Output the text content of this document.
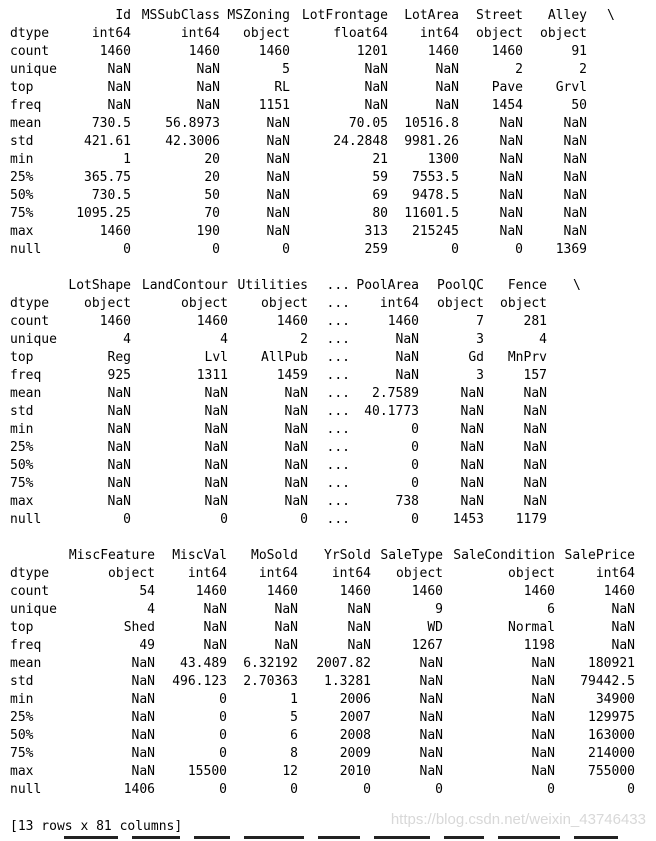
Id MSSubClass MSZoning LotFrontage	LotArea	Street	Alley \
dtype	int64	int64	object	float64	int64	object	object
count	1460	1460	1460	1201	1460	1460	91
unique	NaN	NaN	5	NaN	NaN	2	2
top	NaN	NaN	RL	NaN	NaN	Pave	Grvl
freq	NaN	NaN	1151	NaN	NaN	1454	50
mean	730.5	56.8973	NaN	70.05	10516.8	NaN	NaN
std	421.61	42.3006	NaN	24.2848	9981.26	NaN	NaN
min	1	20	NaN	21	1300	NaN	NaN
25%	365.75	20	NaN	59	7553.5	NaN	NaN
50%	730.5	50	NaN	69	9478.5	NaN	NaN
75%	1095.25	70	NaN	80	11601.5	NaN	NaN
max	1460	190	NaN	313	215245	NaN	NaN
null	0	0	0	259	0	0	1369
LotShape LandContour Utilities	... PoolArea	PoolQC	Fence \
dtype	object	object	object	...	int64	object	object
count	1460	1460	1460	...	1460	7	281
unique	4	4	2	...	NaN	3	4
top	Reg	Lvl	AllPub	...	NaN	Gd	MnPrv
freq	925	1311	1459	...	NaN	3	157
mean	NaN	NaN	NaN	...	2.7589	NaN	NaN
std	NaN	NaN	NaN	...	40.1773	NaN	NaN
min	NaN	NaN	NaN	...	0	NaN	NaN
25%	NaN	NaN	NaN	...	0	NaN	NaN
50%	NaN	NaN	NaN	...	0	NaN	NaN
75%	NaN	NaN	NaN	...	0	NaN	NaN
max	NaN	NaN	NaN	...	738	NaN	NaN
null	0	0	0	...	0	1453	1179
MiscFeature	MiscVal	MoSold	YrSold SaleType SaleCondition SalePrice
dtype	object	int64	int64	int64	object	object	int64
count	54	1460	1460	1460	1460	1460	1460
unique	4	NaN	NaN	NaN	9	6	NaN
top	Shed	NaN	NaN	NaN	WD	Normal	NaN
freq	49	NaN	NaN	NaN	1267	1198	NaN
mean	NaN	43.489	6.32192	2007.82	NaN	NaN	180921
std	NaN	496.123	2.70363	1.3281	NaN	NaN	79442.5
min	NaN	0	1	2006	NaN	NaN	34900
25%	NaN	0	5	2007	NaN	NaN	129975
50%	NaN	0	6	2008	NaN	NaN	163000
75%	NaN	0	8	2009	NaN	NaN	214000
max	NaN	15500	12	2010	NaN	NaN	755000
null	1406	0	0	0	0	0	0
[13 rows x 81 columns]	https://blog.csdn.net/weixin_43746433
